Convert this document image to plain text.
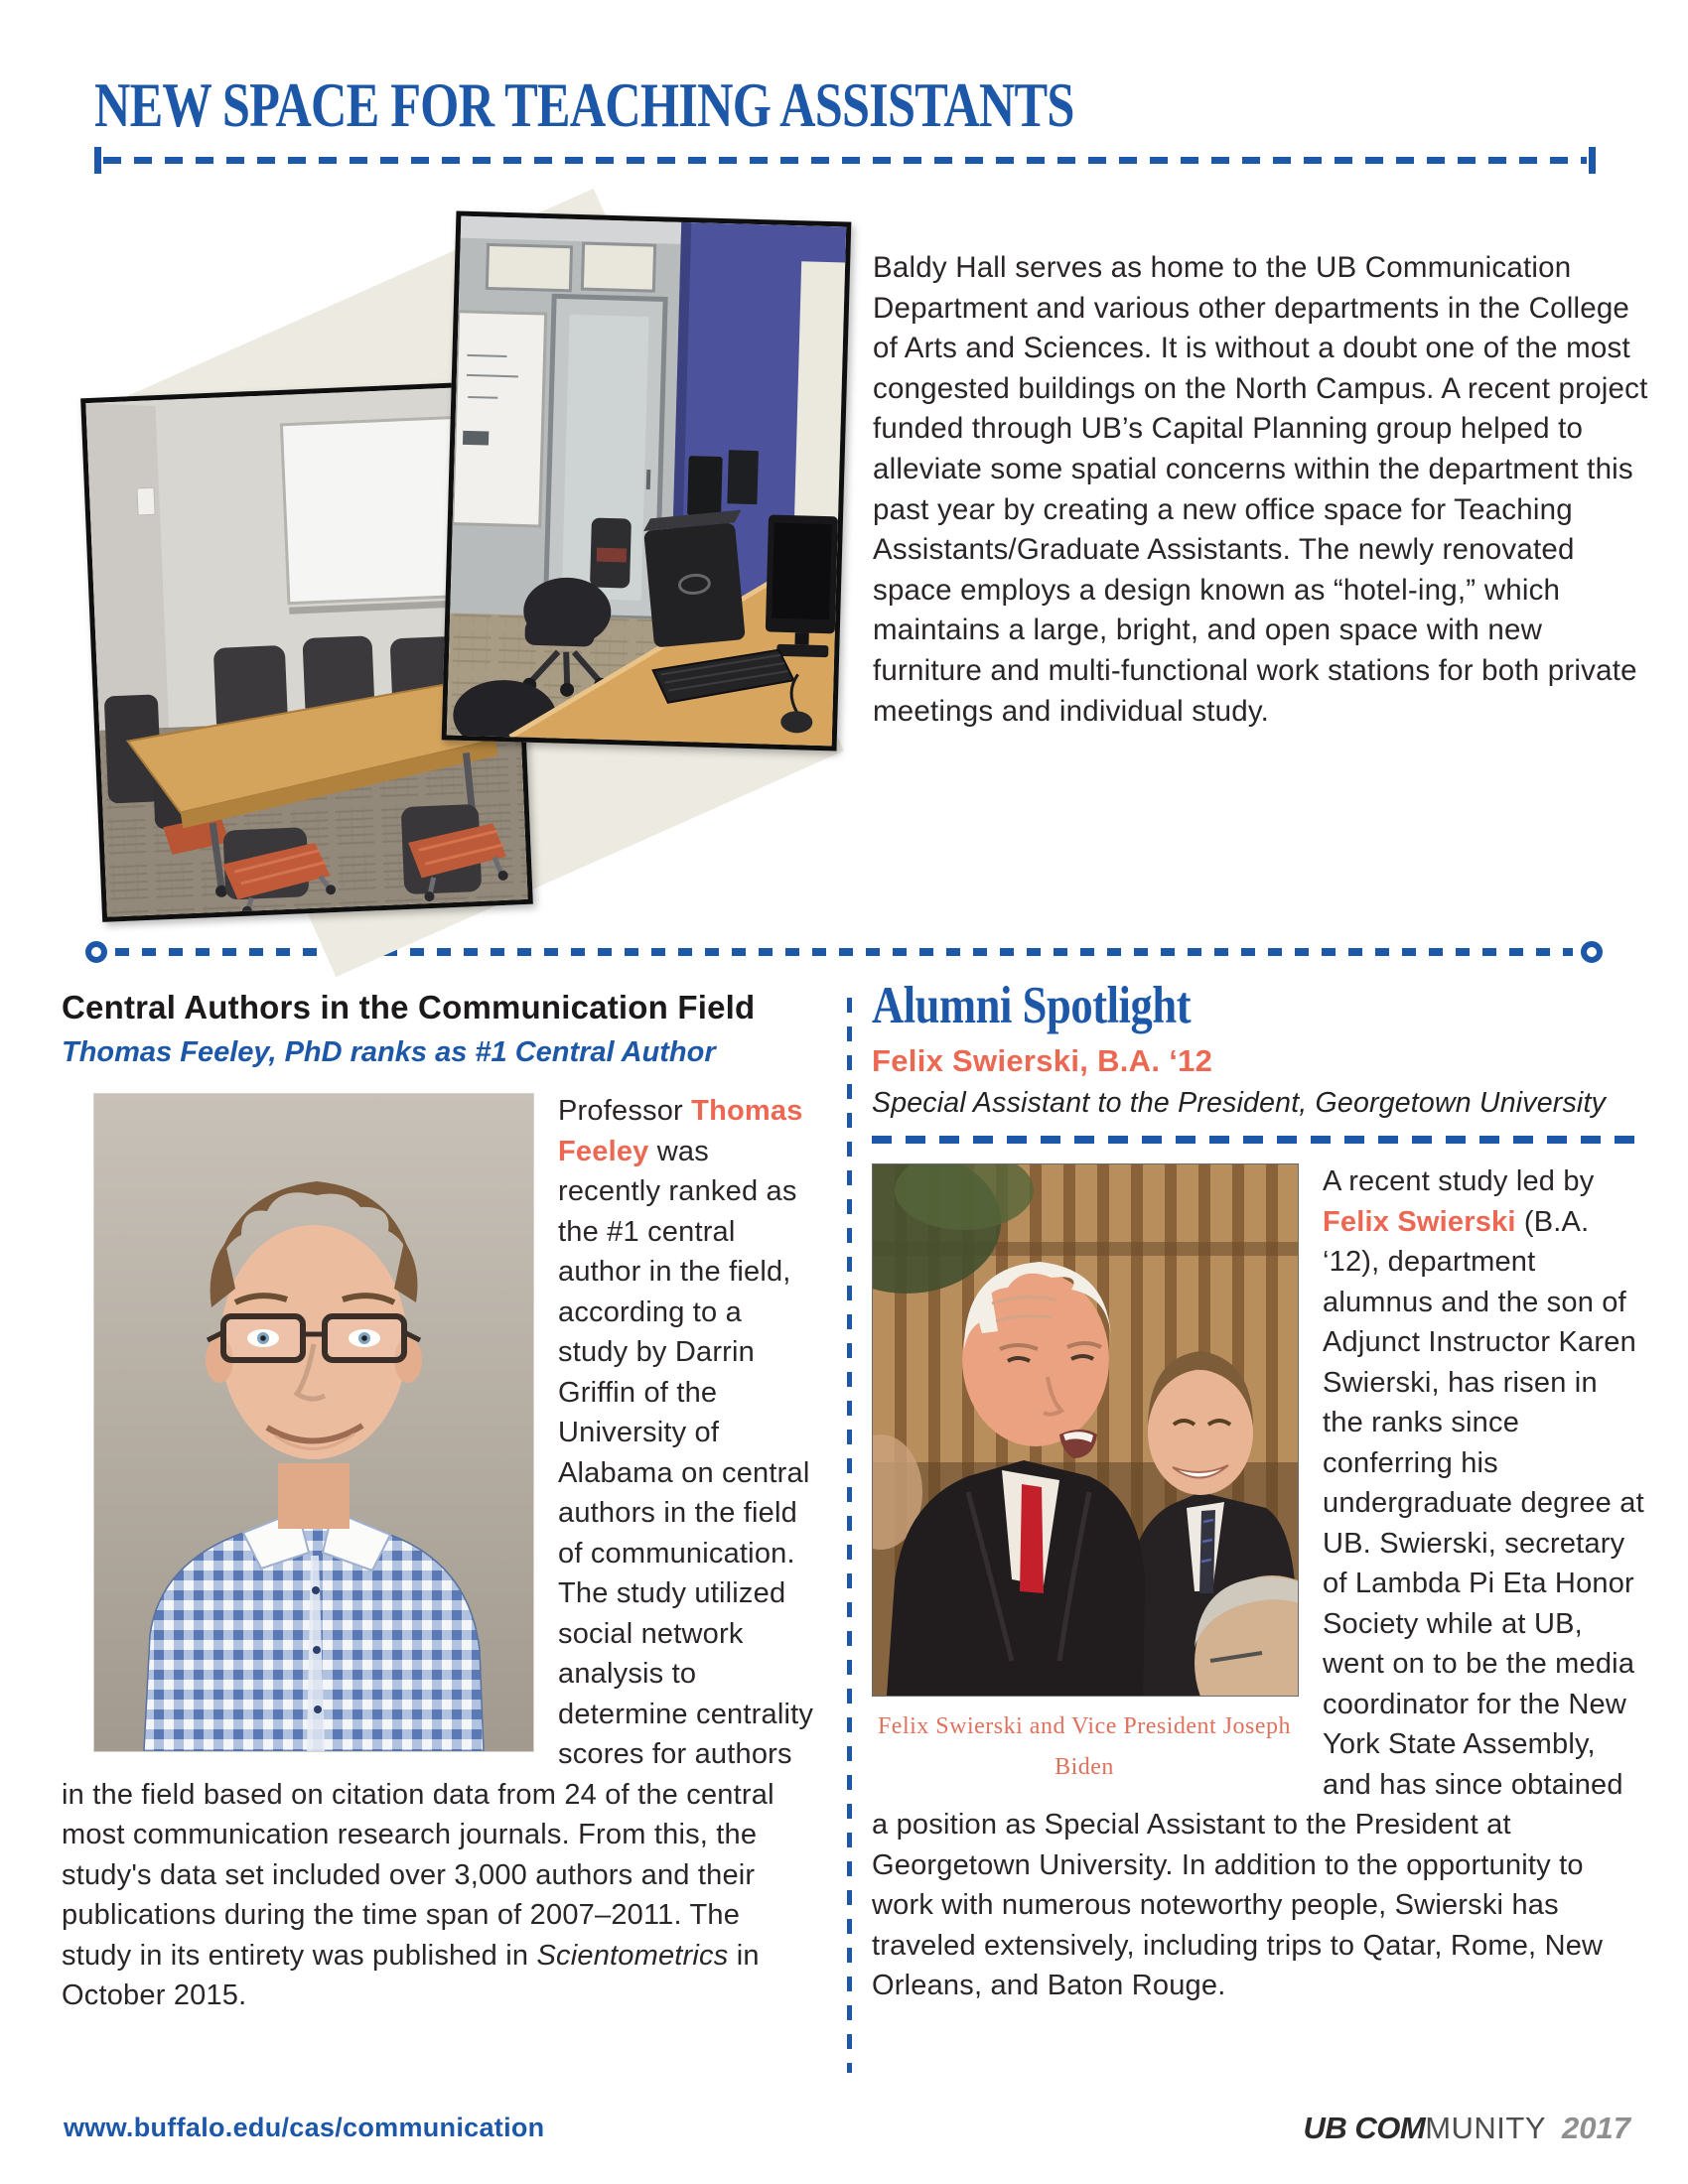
NEW SPACE FOR TEACHING ASSISTANTS
Baldy Hall serves as home to the UB Communication Department and various other departments in the College of Arts and Sciences. It is without a doubt one of the most congested buildings on the North Campus. A recent project funded through UB’s Capital Planning group helped to alleviate some spatial concerns within the department this past year by creating a new office space for Teaching Assistants/Graduate Assistants. The newly renovated space employs a design known as “hotel-ing,” which maintains a large, bright, and open space with new furniture and multi-functional work stations for both private meetings and individual study.
Central Authors in the Communication Field
Thomas Feeley, PhD ranks as #1 Central Author

Professor Thomas Feeley was recently ranked as the #1 central author in the field, according to a study by Darrin Griffin of the University of Alabama on central authors in the field of communication. The study utilized social network analysis to determine centrality scores for authors in the field based on citation data from 24 of the central most communication research journals. From this, the study's data set included over 3,000 authors and their publications during the time span of 2007–2011. The study in its entirety was published in Scientometrics in October 2015.

Alumni Spotlight
Felix Swierski, B.A. ‘12
Special Assistant to the President, Georgetown University
Felix Swierski and Vice President Joseph Biden

A recent study led by Felix Swierski (B.A. ‘12), department alumnus and the son of Adjunct Instructor Karen Swierski, has risen in the ranks since conferring his undergraduate degree at UB. Swierski, secretary of Lambda Pi Eta Honor Society while at UB, went on to be the media coordinator for the New York State Assembly, and has since obtained a position as Special Assistant to the President at Georgetown University. In addition to the opportunity to work with numerous noteworthy people, Swierski has traveled extensively, including trips to Qatar, Rome, New Orleans, and Baton Rouge.

www.buffalo.edu/cas/communication	UB COMMUNITY 2017
